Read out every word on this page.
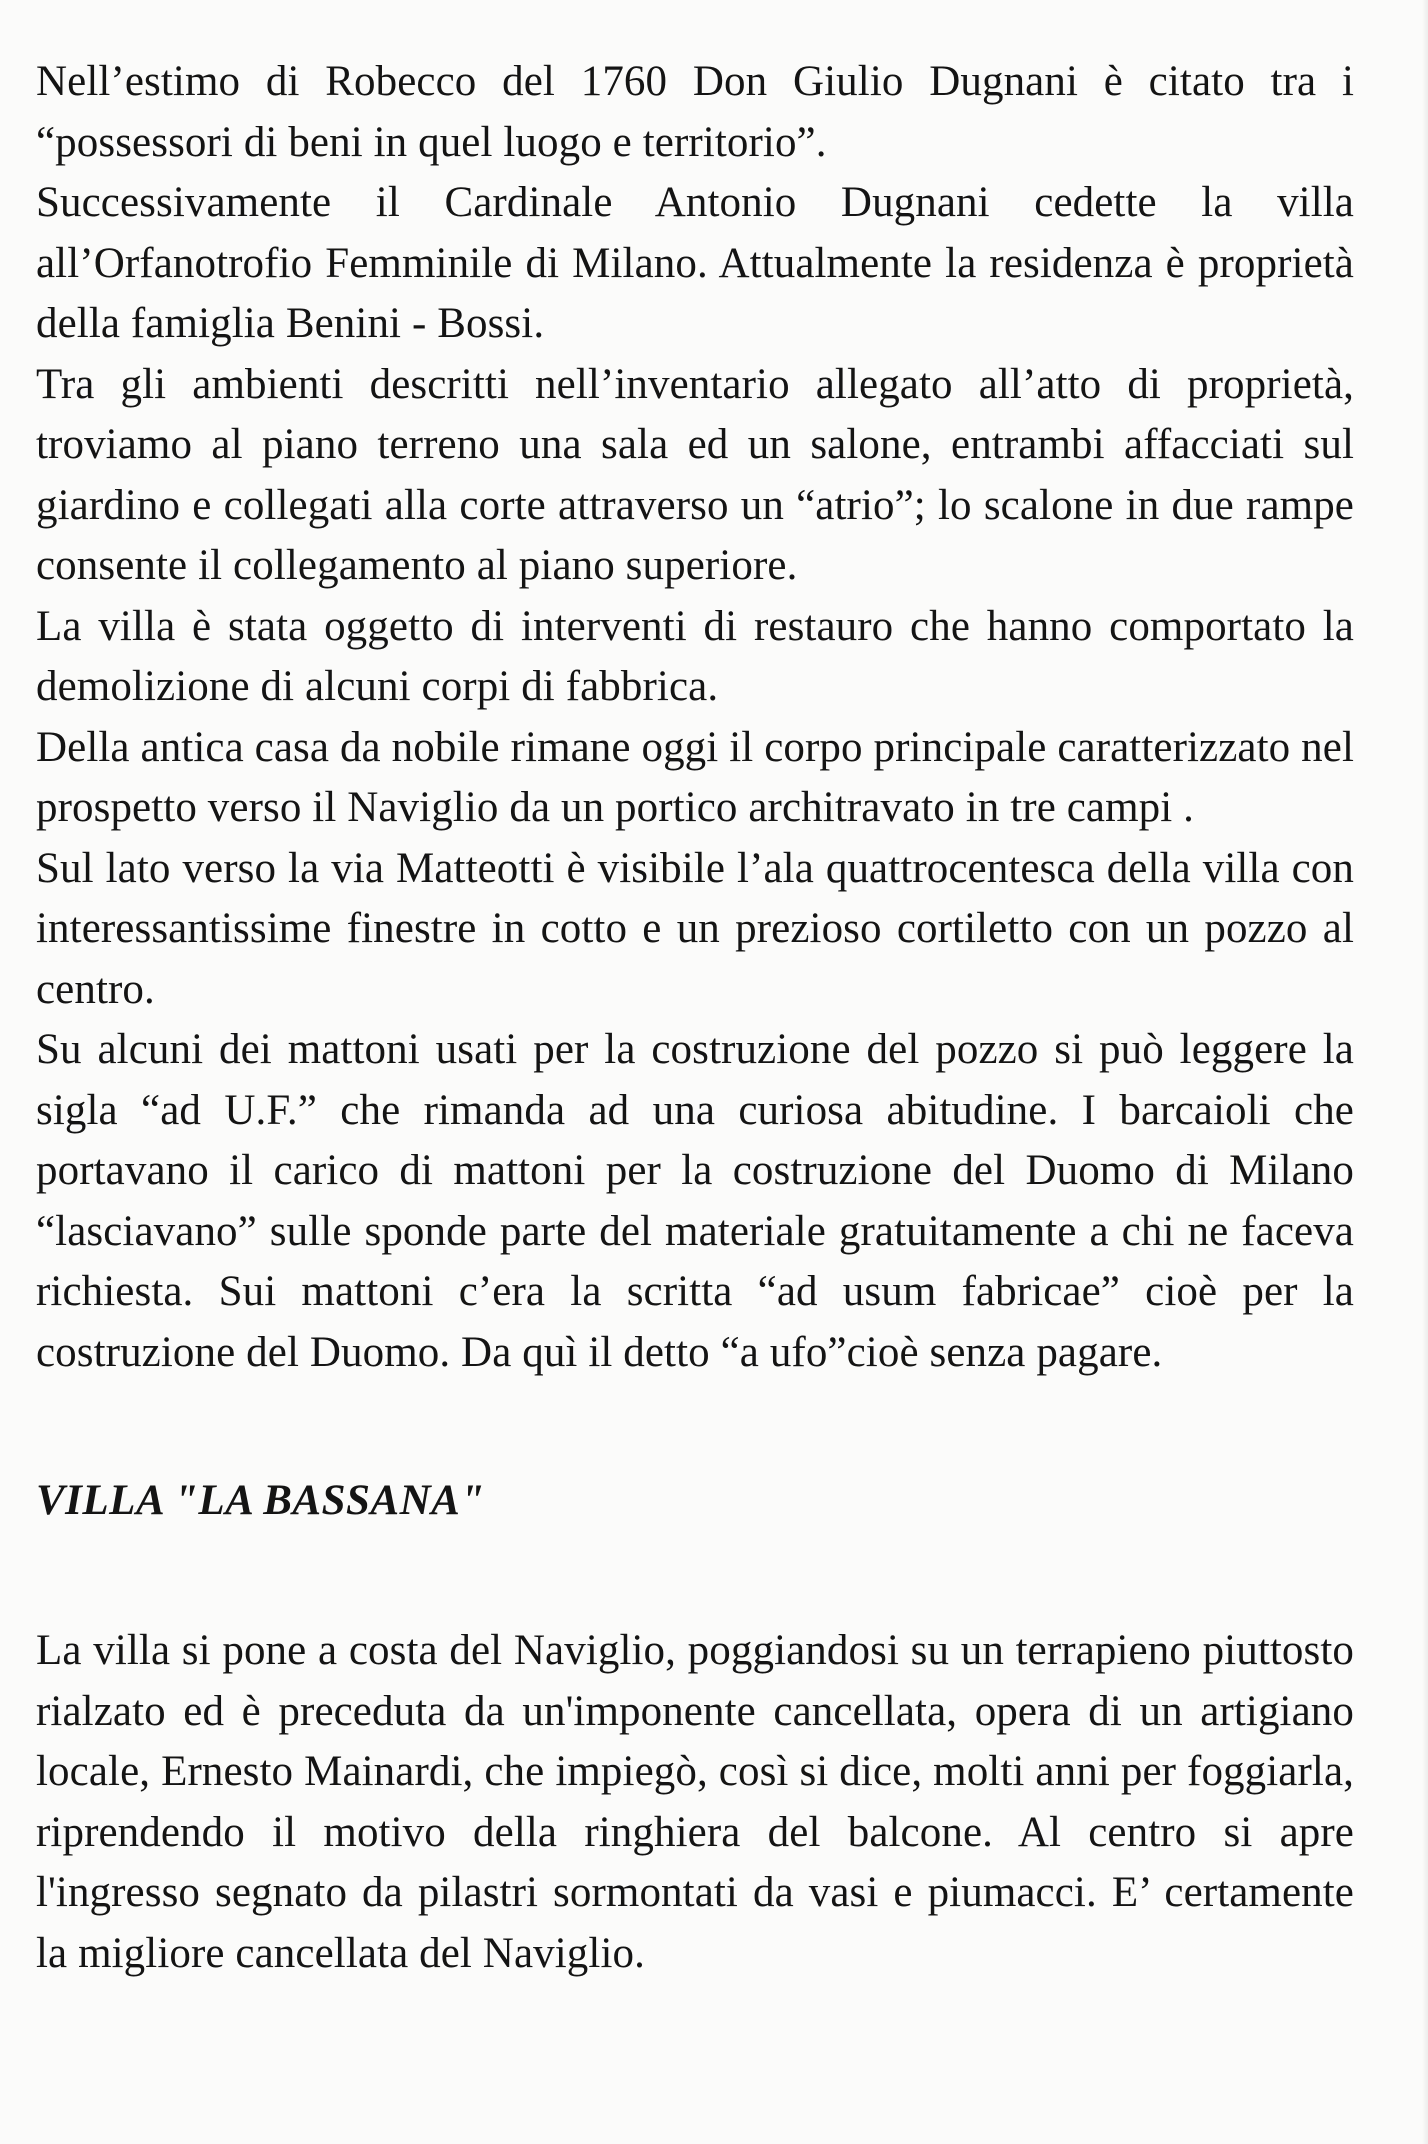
Nell’estimo di Robecco del 1760 Don Giulio Dugnani è citato tra i “possessori di beni in quel luogo e territorio”.

Successivamente il Cardinale Antonio Dugnani cedette la villa all’Orfanotrofio Femminile di Milano. Attualmente la residenza è proprietà della famiglia Benini - Bossi.

Tra gli ambienti descritti nell’inventario allegato all’atto di proprietà, troviamo al piano terreno una sala ed un salone, entrambi affacciati sul giardino e collegati alla corte attraverso un “atrio”; lo scalone in due rampe consente il collegamento al piano superiore.

La villa è stata oggetto di interventi di restauro che hanno comportato la demolizione di alcuni corpi di fabbrica.

Della antica casa da nobile rimane oggi il corpo principale caratterizzato nel prospetto verso il Naviglio da un portico architravato in tre campi .

Sul lato verso la via Matteotti è visibile l’ala quattrocentesca della villa con interessantissime finestre in cotto e un prezioso cortiletto con un pozzo al centro.

Su alcuni dei mattoni usati per la costruzione del pozzo si può leggere la sigla “ad U.F.” che rimanda ad una curiosa abitudine. I barcaioli che portavano il carico di mattoni per la costruzione del Duomo di Milano “lasciavano” sulle sponde parte del materiale gratuitamente a chi ne faceva richiesta. Sui mattoni c’era la scritta “ad usum fabricae” cioè per la costruzione del Duomo. Da quì il detto “a ufo”cioè senza pagare.

VILLA "LA BASSANA"

La villa si pone a costa del Naviglio, poggiandosi su un terrapieno piuttosto rialzato ed è preceduta da un'imponente cancellata, opera di un artigiano locale, Ernesto Mainardi, che impiegò, così si dice, molti anni per foggiarla, riprendendo il motivo della ringhiera del balcone. Al centro si apre l'ingresso segnato da pilastri sormontati da vasi e piumacci. E’ certamente la migliore cancellata del Naviglio.
